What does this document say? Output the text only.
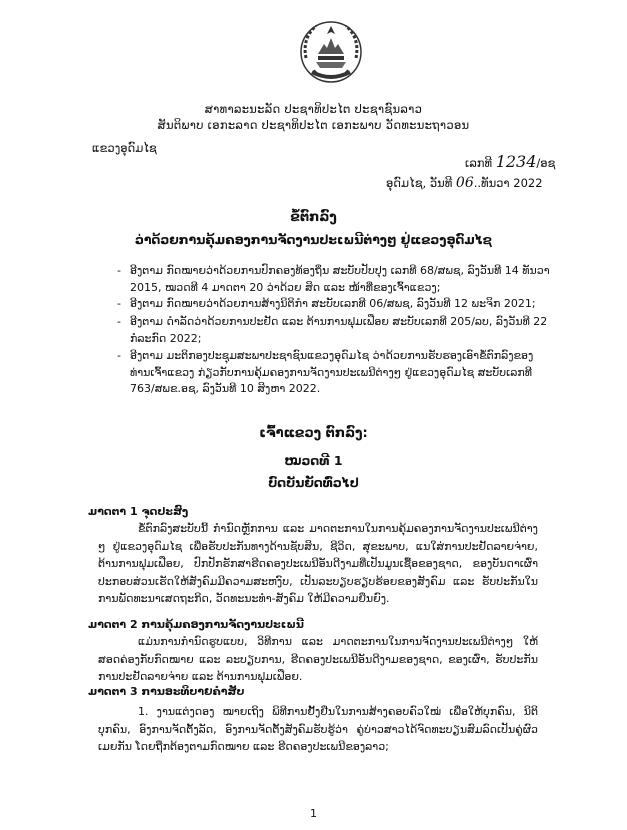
ສາທາລະນະລັດ ປະຊາທິປະໄຕ ປະຊາຊົນລາວ
ສັນຕິພາບ ເອກະລາດ ປະຊາທິປະໄຕ ເອກະພາບ ວັດທະນະຖາວອນ
ແຂວງອຸດົມໄຊ
ເລກທີ 1234/ອຊ
ອຸດົມໄຊ, ວັນທີ 06..ທັນວາ 2022
ຂໍ້ຕົກລົງ
ວ່າດ້ວຍການຄຸ້ມຄອງການຈັດງານປະເພນີຕ່າງໆ ຢູ່ແຂວງອຸດົມໄຊ
- ອີງຕາມ ກົດໝາຍວ່າດ້ວຍການປົກຄອງທ້ອງຖິ່ນ ສະບັບປັບປຸງ ເລກທີ 68/ສພຊ, ລົງວັນທີ 14 ທັນວາ 2015, ໝວດທີ 4 ມາດຕາ 20 ວ່າດ້ວຍ ສິດ ແລະ ໜ້າທີ່ຂອງເຈົ້າແຂວງ;
- ອີງຕາມ ກົດໝາຍວ່າດ້ວຍການສ້າງນິຕິກຳ ສະບັບເລກທີ 06/ສພຊ, ລົງວັນທີ 12 ພະຈິກ 2021;
- ອີງຕາມ ດຳລັດວ່າດ້ວຍການປະຢັດ ແລະ ຕ້ານການຟຸມເຟືອຍ ສະບັບເລກທີ 205/ລບ, ລົງວັນທີ 22 ກໍລະກົດ 2022;
- ອີງຕາມ ມະຕິກອງປະຊຸມສະພາປະຊາຊົນແຂວງອຸດົມໄຊ ວ່າດ້ວຍການຮັບຮອງເອົາຂໍ້ຕົກລົງຂອງທ່ານເຈົ້າແຂວງ ກ່ຽວກັບການຄຸ້ມຄອງການຈັດງານປະເພນີຕ່າງໆ ຢູ່ແຂວງອຸດົມໄຊ ສະບັບເລກທີ 763/ສພຂ.ອຊ, ລົງວັນທີ 10 ສິງຫາ 2022.
ເຈົ້າແຂວງ ຕົກລົງ:
ໝວດທີ 1
ບົດບັນຍັດທົ່ວໄປ
ມາດຕາ 1 ຈຸດປະສົງ
ຂໍ້ຕົກລົງສະບັບນີ້ ກຳນົດຫຼັກການ ແລະ ມາດຕະການໃນການຄຸ້ມຄອງການຈັດງານປະເພນີຕ່າງໆ ຢູ່ແຂວງອຸດົມໄຊ ເພື່ອຮັບປະກັນທາງດ້ານຊັບສິນ, ຊີວິດ, ສຸຂະພາບ, ແນໃສ່ການປະຢັດລາຍຈ່າຍ, ຕ້ານການຟຸມເຟືອຍ, ປົກປັກຮັກສາຮີດຄອງປະເພນີອັນດີງາມທີ່ເປັນມູນເຊື້ອຂອງຊາດ, ຂອງບັນດາເຜົ່າ ປະກອບສ່ວນເຮັດໃຫ້ສັງຄົມມີຄວາມສະຫງົບ, ເປັນລະບຽບຮຽບຮ້ອຍຂອງສັງຄົມ ແລະ ຮັບປະກັນໃນການພັດທະນາເສດຖະກິດ, ວັດທະນະທຳ-ສັງຄົມ ໃຫ້ມີຄວາມຍືນຍົງ.
ມາດຕາ 2 ການຄຸ້ມຄອງການຈັດງານປະເພນີ
ແມ່ນການກຳນົດຮູບແບບ, ວິທີການ ແລະ ມາດຕະການໃນການຈັດງານປະເພນີຕ່າງໆ ໃຫ້ສອດຄ່ອງກັບກົດໝາຍ ແລະ ລະບຽບການ, ຮີດຄອງປະເພນີອັນດີງາມຂອງຊາດ, ຂອງເຜົ່າ, ຮັບປະກັນການປະຢັດລາຍຈ່າຍ ແລະ ຕ້ານການຟຸມເຟືອຍ.
ມາດຕາ 3 ການອະທິບາຍຄຳສັບ
1. ງານແຕ່ງດອງ ໝາຍເຖິງ ພິທີການຢັ້ງຢືນໃນການສ້າງຄອບຄົວໃໝ່ ເພື່ອໃຫ້ບຸກຄົນ, ນິຕິບຸກຄົນ, ອົງການຈັດຕັ້ງລັດ, ອົງການຈັດຕັ້ງສັງຄົມຮັບຮູ້ວ່າ ຄູ່ບ່າວສາວໄດ້ຈົດທະບຽນສົມລົດເປັນຄູ່ຜົວເມຍກັນ ໂດຍຖືກຕ້ອງຕາມກົດໝາຍ ແລະ ຮີດຄອງປະເພນີຂອງລາວ;
1
